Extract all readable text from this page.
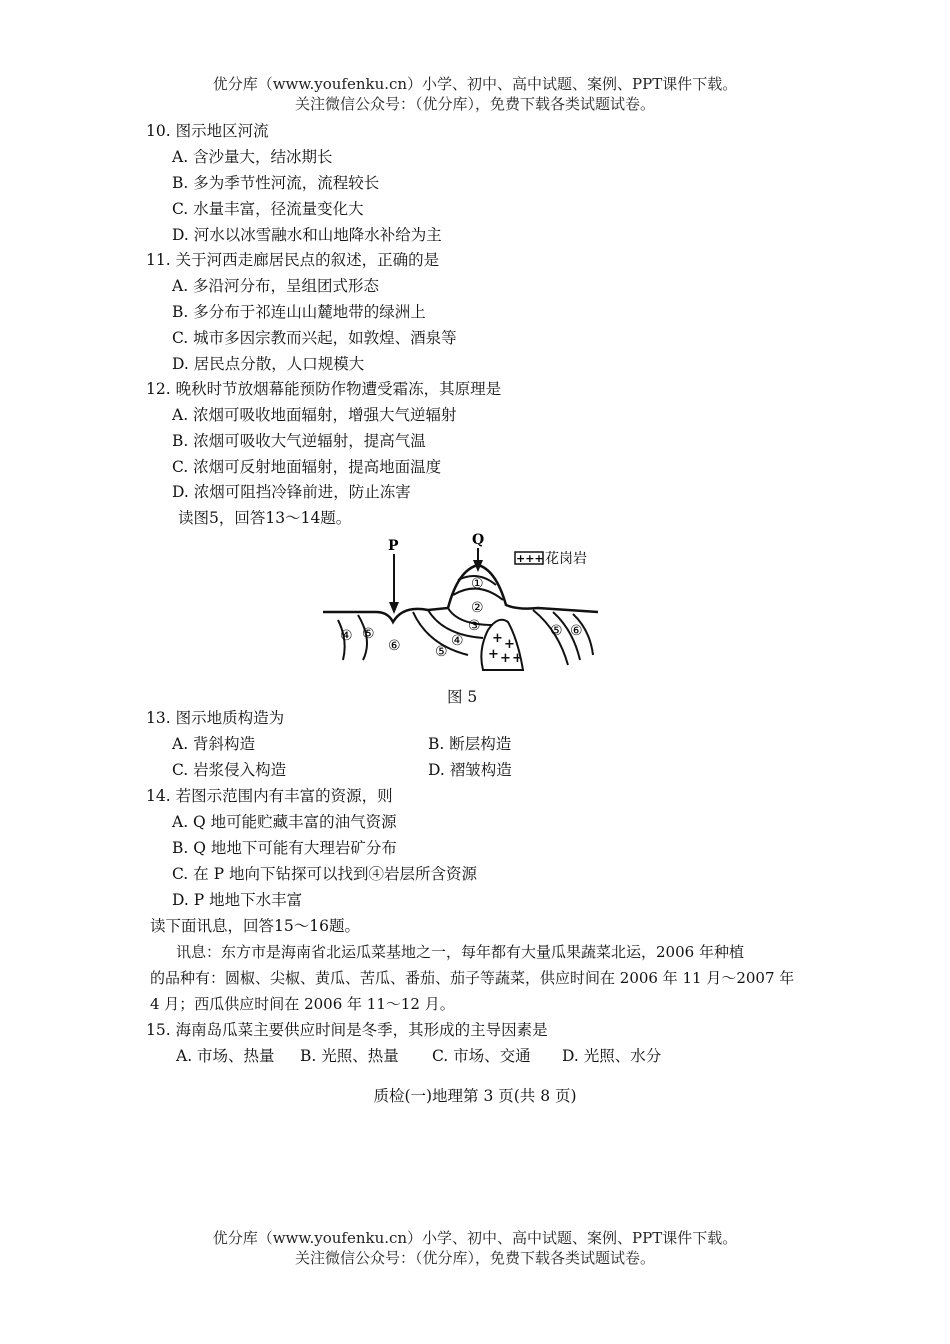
优分库（www.youfenku.cn）小学、初中、高中试题、案例、PPT课件下载。
关注微信公众号：（优分库），免费下载各类试题试卷。
10. 图示地区河流
A. 含沙量大，结冰期长
B. 多为季节性河流，流程较长
C. 水量丰富，径流量变化大
D. 河水以冰雪融水和山地降水补给为主
11. 关于河西走廊居民点的叙述，正确的是
A. 多沿河分布，呈组团式形态
B. 多分布于祁连山山麓地带的绿洲上
C. 城市多因宗教而兴起，如敦煌、酒泉等
D. 居民点分散，人口规模大
12. 晚秋时节放烟幕能预防作物遭受霜冻，其原理是
A. 浓烟可吸收地面辐射，增强大气逆辐射
B. 浓烟可吸收大气逆辐射，提高气温
C. 浓烟可反射地面辐射，提高地面温度
D. 浓烟可阻挡冷锋前进，防止冻害
读图5，回答13～14题。
+ +
+ + +
P	Q
+++ 花岗岩
①
②
③
④
⑤
④ ⑤
⑥
⑤ ⑥
图 5
13. 图示地质构造为
A. 背斜构造	B. 断层构造
C. 岩浆侵入构造	D. 褶皱构造
14. 若图示范围内有丰富的资源，则
A. Q 地可能贮藏丰富的油气资源
B. Q 地地下可能有大理岩矿分布
C. 在 P 地向下钻探可以找到④岩层所含资源
D. P 地地下水丰富
读下面讯息，回答15～16题。
讯息：东方市是海南省北运瓜菜基地之一，每年都有大量瓜果蔬菜北运，2006 年种植
的品种有：圆椒、尖椒、黄瓜、苦瓜、番茄、茄子等蔬菜，供应时间在 2006 年 11 月～2007 年
4 月；西瓜供应时间在 2006 年 11～12 月。
15. 海南岛瓜菜主要供应时间是冬季，其形成的主导因素是
A. 市场、热量 B. 光照、热量 C. 市场、交通 D. 光照、水分
质检(一)地理第 3 页(共 8 页)
优分库（www.youfenku.cn）小学、初中、高中试题、案例、PPT课件下载。
关注微信公众号：（优分库），免费下载各类试题试卷。
